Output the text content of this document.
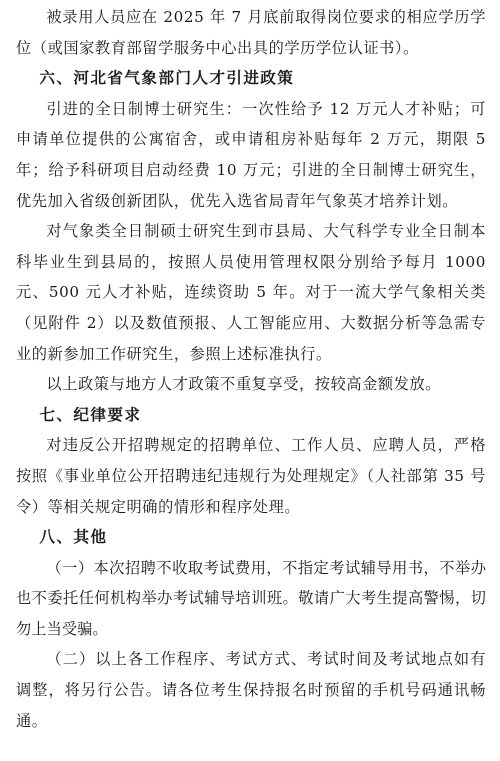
被录用人员应在 2025 年 7 月底前取得岗位要求的相应学历学位（或国家教育部留学服务中心出具的学历学位认证书）。

六、河北省气象部门人才引进政策

引进的全日制博士研究生：一次性给予 12 万元人才补贴；可申请单位提供的公寓宿舍，或申请租房补贴每年 2 万元，期限 5 年；给予科研项目启动经费 10 万元；引进的全日制博士研究生，优先加入省级创新团队，优先入选省局青年气象英才培养计划。

对气象类全日制硕士研究生到市县局、大气科学专业全日制本科毕业生到县局的，按照人员使用管理权限分别给予每月 1000 元、500 元人才补贴，连续资助 5 年。对于一流大学气象相关类（见附件 2）以及数值预报、人工智能应用、大数据分析等急需专业的新参加工作研究生，参照上述标准执行。

以上政策与地方人才政策不重复享受，按较高金额发放。

七、纪律要求

对违反公开招聘规定的招聘单位、工作人员、应聘人员，严格按照《事业单位公开招聘违纪违规行为处理规定》（人社部第 35 号令）等相关规定明确的情形和程序处理。

八、其他

（一）本次招聘不收取考试费用，不指定考试辅导用书，不举办也不委托任何机构举办考试辅导培训班。敬请广大考生提高警惕，切勿上当受骗。

（二）以上各工作程序、考试方式、考试时间及考试地点如有调整，将另行公告。请各位考生保持报名时预留的手机号码通讯畅通。
